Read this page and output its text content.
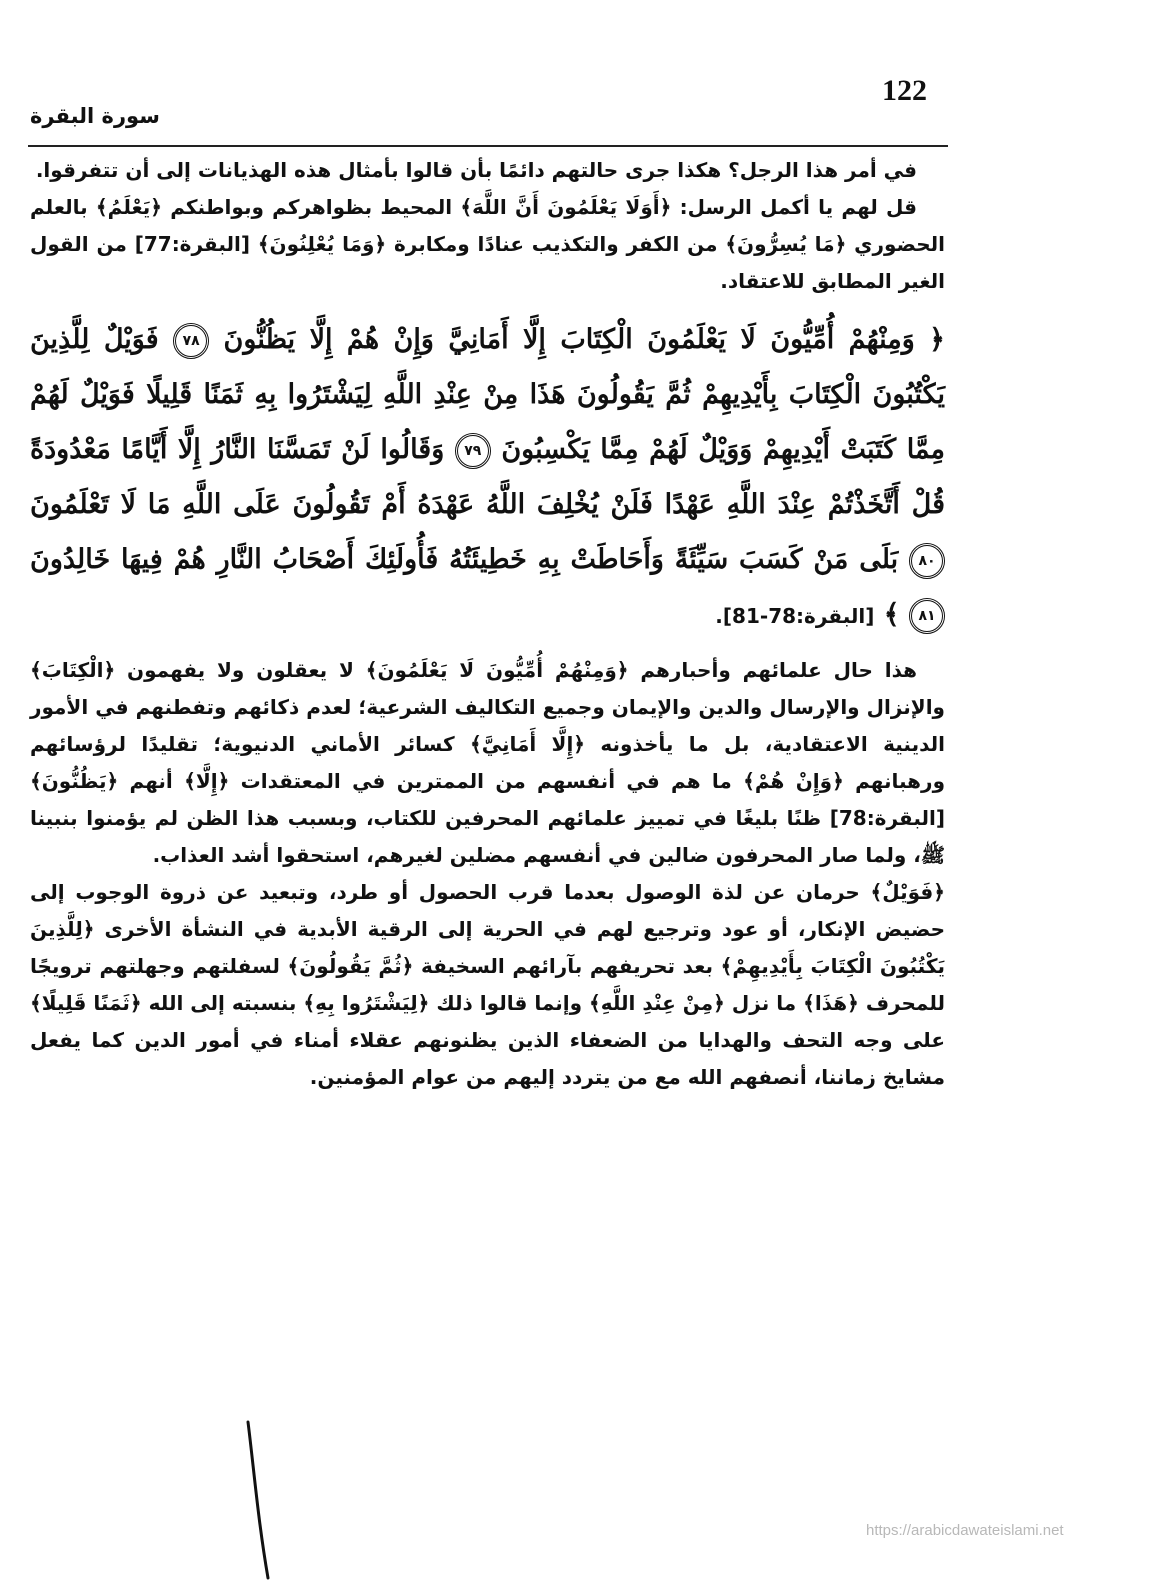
122
سورة البقرة

في أمر هذا الرجل؟ هكذا جرى حالتهم دائمًا بأن قالوا بأمثال هذه الهذيانات إلى أن تتفرقوا.

قل لهم يا أكمل الرسل: ﴿أَوَلَا يَعْلَمُونَ أَنَّ اللَّهَ﴾ المحيط بظواهركم وبواطنكم ﴿يَعْلَمُ﴾ بالعلم الحضوري ﴿مَا يُسِرُّونَ﴾ من الكفر والتكذيب عنادًا ومكابرة ﴿وَمَا يُعْلِنُونَ﴾ [البقرة:77] من القول الغير المطابق للاعتقاد.

﴿ وَمِنْهُمْ أُمِّيُّونَ لَا يَعْلَمُونَ الْكِتَابَ إِلَّا أَمَانِيَّ وَإِنْ هُمْ إِلَّا يَظُنُّونَ ٧٨ فَوَيْلٌ لِلَّذِينَ يَكْتُبُونَ الْكِتَابَ بِأَيْدِيهِمْ ثُمَّ يَقُولُونَ هَذَا مِنْ عِنْدِ اللَّهِ لِيَشْتَرُوا بِهِ ثَمَنًا قَلِيلًا فَوَيْلٌ لَهُمْ مِمَّا كَتَبَتْ أَيْدِيهِمْ وَوَيْلٌ لَهُمْ مِمَّا يَكْسِبُونَ ٧٩ وَقَالُوا لَنْ تَمَسَّنَا النَّارُ إِلَّا أَيَّامًا مَعْدُودَةً قُلْ أَتَّخَذْتُمْ عِنْدَ اللَّهِ عَهْدًا فَلَنْ يُخْلِفَ اللَّهُ عَهْدَهُ أَمْ تَقُولُونَ عَلَى اللَّهِ مَا لَا تَعْلَمُونَ ٨٠ بَلَى مَنْ كَسَبَ سَيِّئَةً وَأَحَاطَتْ بِهِ خَطِيئَتُهُ فَأُولَئِكَ أَصْحَابُ النَّارِ هُمْ فِيهَا خَالِدُونَ ٨١ ﴾ [البقرة:78-81].

هذا حال علمائهم وأحبارهم ﴿وَمِنْهُمْ أُمِّيُّونَ لَا يَعْلَمُونَ﴾ لا يعقلون ولا يفهمون ﴿الْكِتَابَ﴾ والإنزال والإرسال والدين والإيمان وجميع التكاليف الشرعية؛ لعدم ذكائهم وتفطنهم في الأمور الدينية الاعتقادية، بل ما يأخذونه ﴿إِلَّا أَمَانِيَّ﴾ كسائر الأماني الدنيوية؛ تقليدًا لرؤسائهم ورهبانهم ﴿وَإِنْ هُمْ﴾ ما هم في أنفسهم من الممترين في المعتقدات ﴿إِلَّا﴾ أنهم ﴿يَظُنُّونَ﴾ [البقرة:78] ظنًا بليغًا في تمييز علمائهم المحرفين للكتاب، وبسبب هذا الظن لم يؤمنوا بنبينا ﷺ، ولما صار المحرفون ضالين في أنفسهم مضلين لغيرهم، استحقوا أشد العذاب.

﴿فَوَيْلٌ﴾ حرمان عن لذة الوصول بعدما قرب الحصول أو طرد، وتبعيد عن ذروة الوجوب إلى حضيض الإنكار، أو عود وترجيع لهم في الحرية إلى الرقية الأبدية في النشأة الأخرى ﴿لِلَّذِينَ يَكْتُبُونَ الْكِتَابَ بِأَيْدِيهِمْ﴾ بعد تحريفهم بآرائهم السخيفة ﴿ثُمَّ يَقُولُونَ﴾ لسفلتهم وجهلتهم ترويجًا للمحرف ﴿هَذَا﴾ ما نزل ﴿مِنْ عِنْدِ اللَّهِ﴾ وإنما قالوا ذلك ﴿لِيَشْتَرُوا بِهِ﴾ بنسبته إلى الله ﴿ثَمَنًا قَلِيلًا﴾ على وجه التحف والهدايا من الضعفاء الذين يظنونهم عقلاء أمناء في أمور الدين كما يفعل مشايخ زماننا، أنصفهم الله مع من يتردد إليهم من عوام المؤمنين.

https://arabicdawateislami.net
